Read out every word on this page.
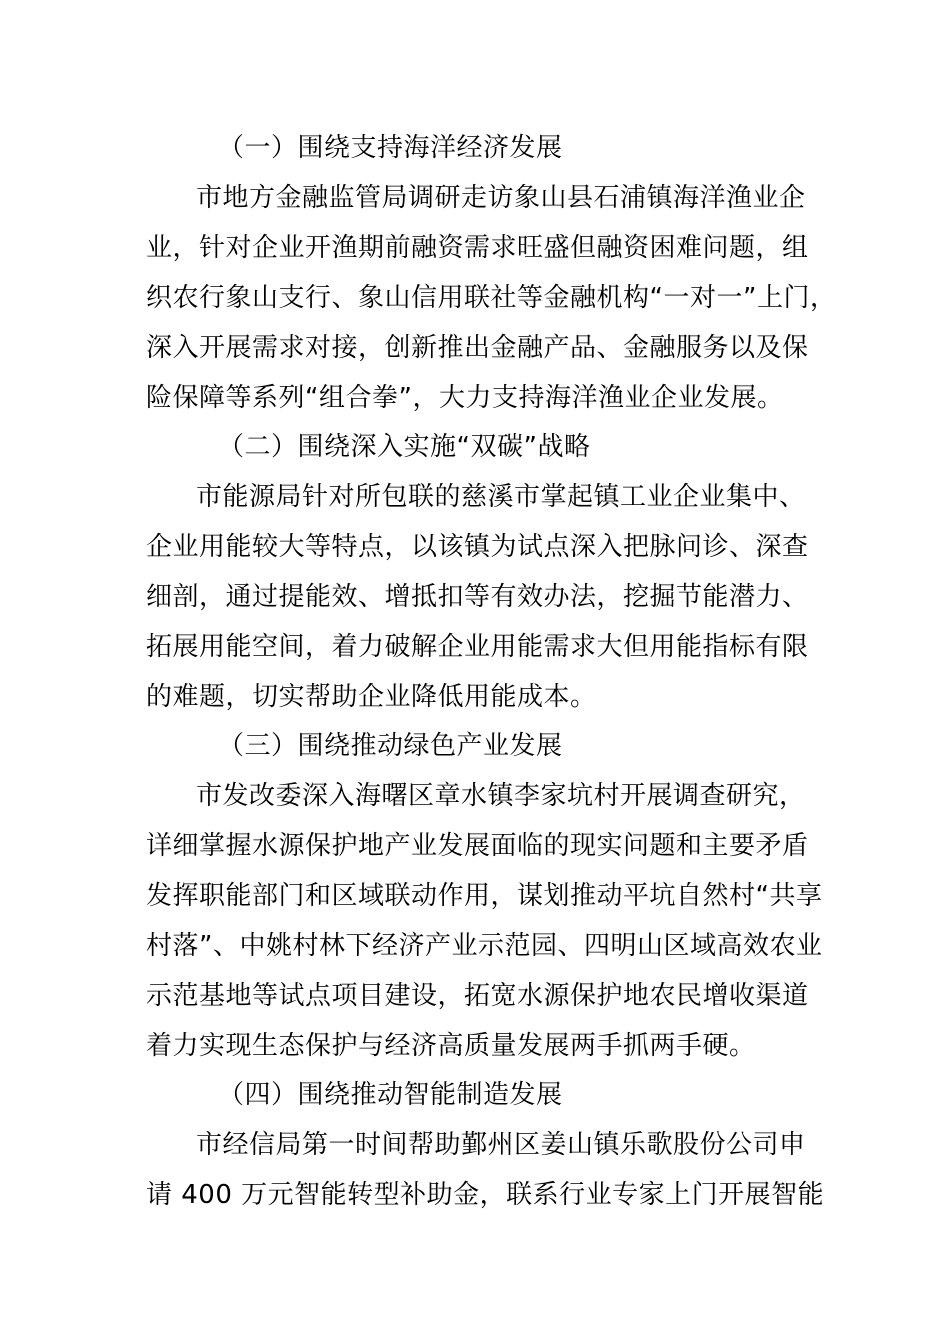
（一）围绕支持海洋经济发展
市地方金融监管局调研走访象山县石浦镇海洋渔业企
业，针对企业开渔期前融资需求旺盛但融资困难问题，组
织农行象山支行、象山信用联社等金融机构“一对一”上门，
深入开展需求对接，创新推出金融产品、金融服务以及保
险保障等系列“组合拳”，大力支持海洋渔业企业发展。
（二）围绕深入实施“双碳”战略
市能源局针对所包联的慈溪市掌起镇工业企业集中、
企业用能较大等特点，以该镇为试点深入把脉问诊、深查
细剖，通过提能效、增抵扣等有效办法，挖掘节能潜力、
拓展用能空间，着力破解企业用能需求大但用能指标有限
的难题，切实帮助企业降低用能成本。
（三）围绕推动绿色产业发展
市发改委深入海曙区章水镇李家坑村开展调查研究，
详细掌握水源保护地产业发展面临的现实问题和主要矛盾
发挥职能部门和区域联动作用，谋划推动平坑自然村“共享
村落”、中姚村林下经济产业示范园、四明山区域高效农业
示范基地等试点项目建设，拓宽水源保护地农民增收渠道
着力实现生态保护与经济高质量发展两手抓两手硬。
（四）围绕推动智能制造发展
市经信局第一时间帮助鄞州区姜山镇乐歌股份公司申
请 400 万元智能转型补助金，联系行业专家上门开展智能
